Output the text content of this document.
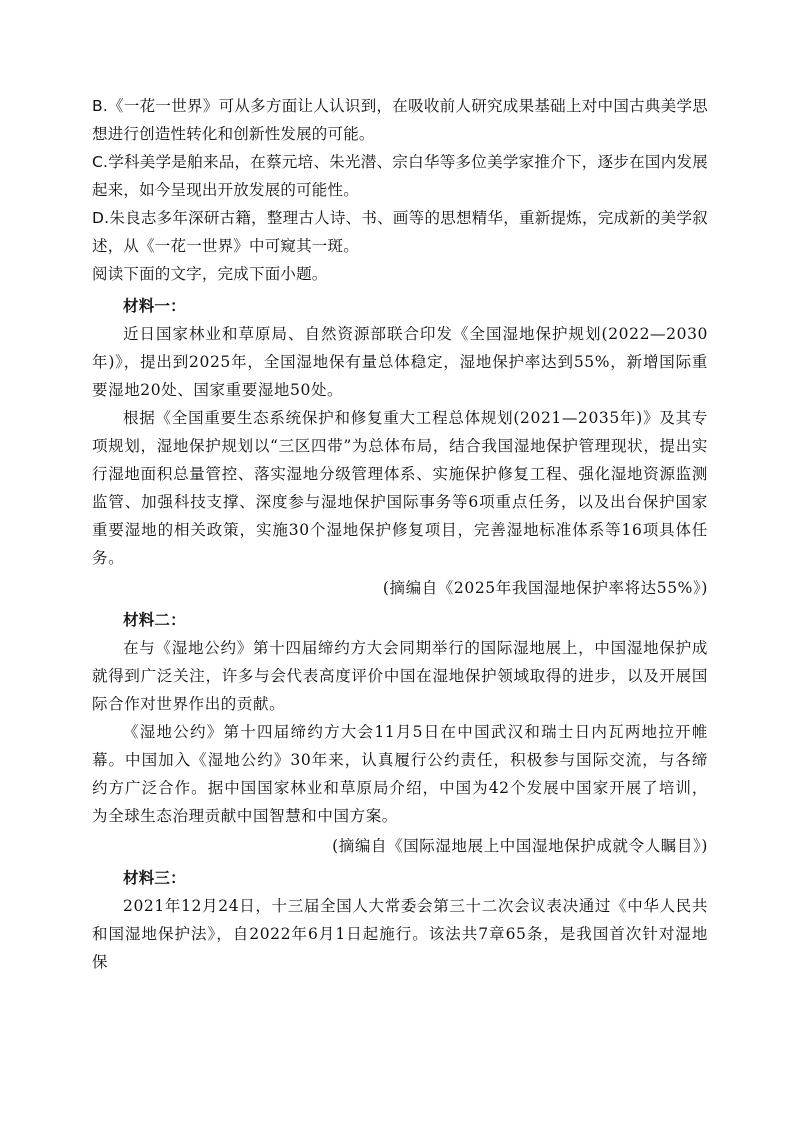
B.《一花一世界》可从多方面让人认识到，在吸收前人研究成果基础上对中国古典美学思想进行创造性转化和创新性发展的可能。

C.学科美学是舶来品，在蔡元培、朱光潜、宗白华等多位美学家推介下，逐步在国内发展起来，如今呈现出开放发展的可能性。

D.朱良志多年深研古籍，整理古人诗、书、画等的思想精华，重新提炼，完成新的美学叙述，从《一花一世界》中可窥其一斑。

阅读下面的文字，完成下面小题。

材料一：

近日国家林业和草原局、自然资源部联合印发《全国湿地保护规划(2022—2030年)》，提出到2025年，全国湿地保有量总体稳定，湿地保护率达到55%，新增国际重要湿地20处、国家重要湿地50处。

根据《全国重要生态系统保护和修复重大工程总体规划(2021—2035年)》及其专项规划，湿地保护规划以“三区四带”为总体布局，结合我国湿地保护管理现状，提出实行湿地面积总量管控、落实湿地分级管理体系、实施保护修复工程、强化湿地资源监测监管、加强科技支撑、深度参与湿地保护国际事务等6项重点任务，以及出台保护国家重要湿地的相关政策，实施30个湿地保护修复项目，完善湿地标准体系等16项具体任务。

(摘编自《2025年我国湿地保护率将达55%》)

材料二：

在与《湿地公约》第十四届缔约方大会同期举行的国际湿地展上，中国湿地保护成就得到广泛关注，许多与会代表高度评价中国在湿地保护领域取得的进步，以及开展国际合作对世界作出的贡献。

《湿地公约》第十四届缔约方大会11月5日在中国武汉和瑞士日内瓦两地拉开帷幕。中国加入《湿地公约》30年来，认真履行公约责任，积极参与国际交流，与各缔约方广泛合作。据中国国家林业和草原局介绍，中国为42个发展中国家开展了培训，为全球生态治理贡献中国智慧和中国方案。

(摘编自《国际湿地展上中国湿地保护成就令人瞩目》)

材料三：

2021年12月24日，十三届全国人大常委会第三十二次会议表决通过《中华人民共和国湿地保护法》，自2022年6月1日起施行。该法共7章65条，是我国首次针对湿地保
